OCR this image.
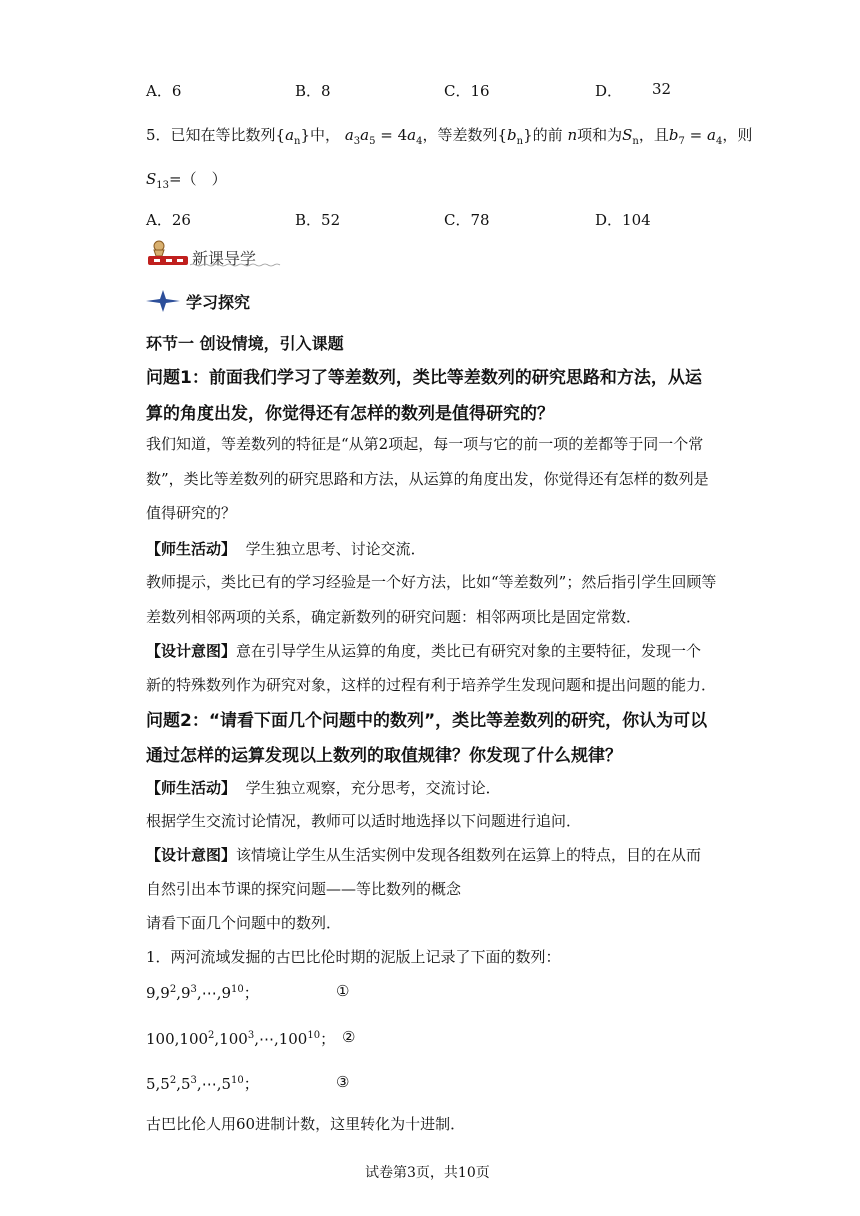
A．6	B．8	C．16	D． 32
5．已知在等比数列$\{a_n\}$中， $a_3a_5 = 4a_4$，等差数列$\{b_n\}$的前 n项和为$S_n$，且$b_7 = a_4$，则
$S_{13}=$（　）
A．26	B．52	C．78	D．104
新课导学
学习探究
环节一 创设情境，引入课题
问题1：前面我们学习了等差数列，类比等差数列的研究思路和方法，从运
算的角度出发，你觉得还有怎样的数列是值得研究的？
我们知道，等差数列的特征是“从第2项起，每一项与它的前一项的差都等于同一个常
数”，类比等差数列的研究思路和方法，从运算的角度出发，你觉得还有怎样的数列是
值得研究的？
【师生活动】 学生独立思考、讨论交流．
教师提示，类比已有的学习经验是一个好方法，比如“等差数列”；然后指引学生回顾等
差数列相邻两项的关系，确定新数列的研究问题：相邻两项比是固定常数．
【设计意图】意在引导学生从运算的角度，类比已有研究对象的主要特征，发现一个
新的特殊数列作为研究对象，这样的过程有利于培养学生发现问题和提出问题的能力．
问题2：“请看下面几个问题中的数列”，类比等差数列的研究，你认为可以
通过怎样的运算发现以上数列的取值规律？你发现了什么规律？
【师生活动】 学生独立观察，充分思考，交流讨论．
根据学生交流讨论情况，教师可以适时地选择以下问题进行追问．
【设计意图】该情境让学生从生活实例中发现各组数列在运算上的特点，目的在从而
自然引出本节课的探究问题——等比数列的概念
请看下面几个问题中的数列．
1．两河流域发掘的古巴比伦时期的泥版上记录了下面的数列：
$9,9^2,9^3,\cdots,9^{10}$；	①
100,100$^2$,100$^3$,⋯,100$^{10}$； ②
$5,5^2,5^3,\cdots,5^{10}$；	③
古巴比伦人用60进制计数，这里转化为十进制．
试卷第3页，共10页
